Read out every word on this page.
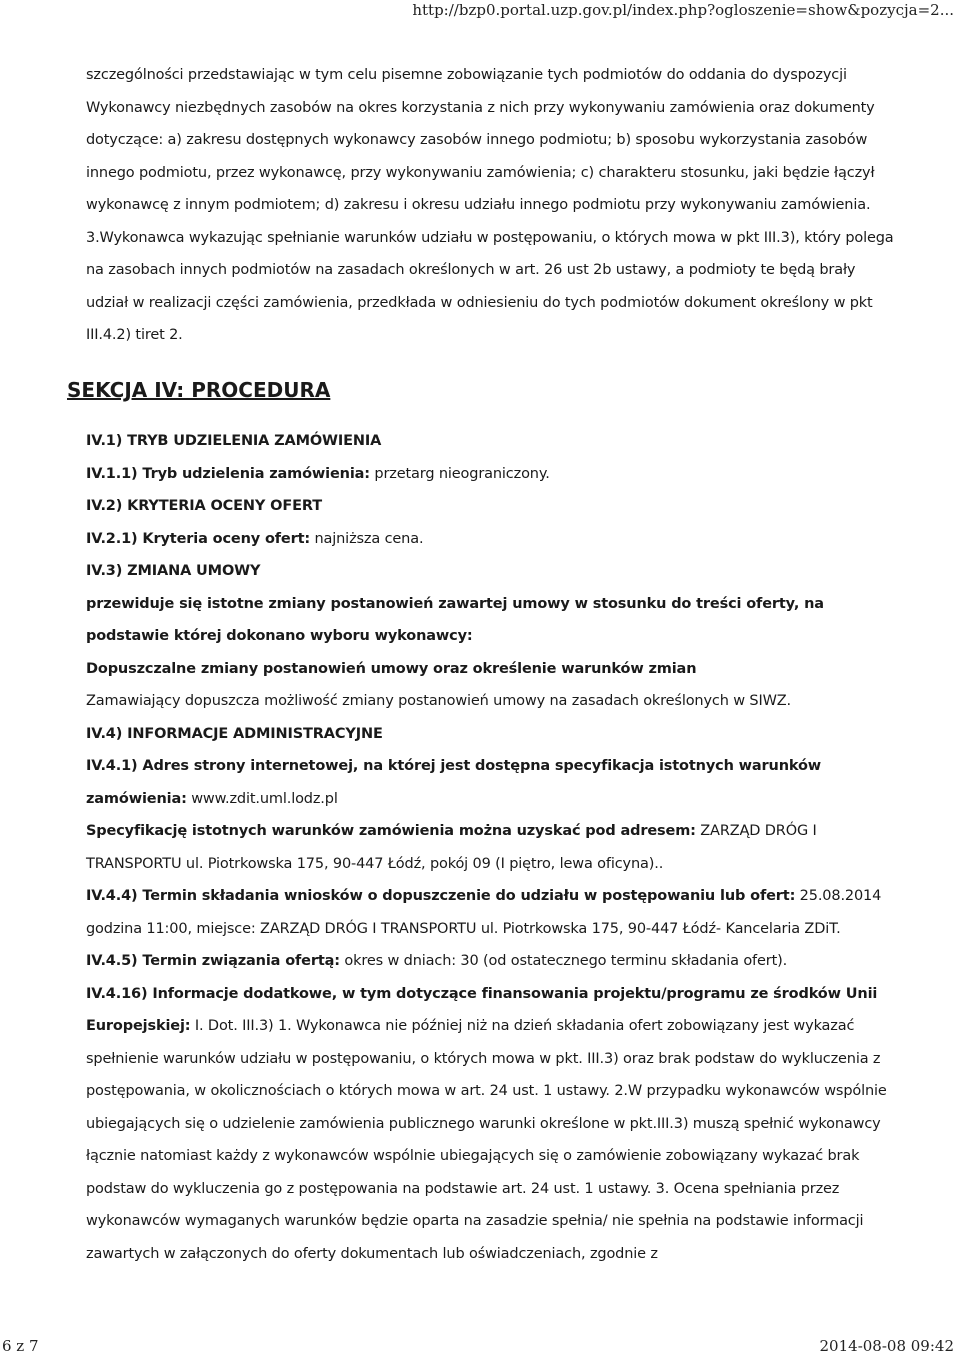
http://bzp0.portal.uzp.gov.pl/index.php?ogloszenie=show&pozycja=2...

szczególności przedstawiając w tym celu pisemne zobowiązanie tych podmiotów do oddania do dyspozycji Wykonawcy niezbędnych zasobów na okres korzystania z nich przy wykonywaniu zamówienia oraz dokumenty dotyczące: a) zakresu dostępnych wykonawcy zasobów innego podmiotu; b) sposobu wykorzystania zasobów innego podmiotu, przez wykonawcę, przy wykonywaniu zamówienia; c) charakteru stosunku, jaki będzie łączył wykonawcę z innym podmiotem; d) zakresu i okresu udziału innego podmiotu przy wykonywaniu zamówienia.

3.Wykonawca wykazując spełnianie warunków udziału w postępowaniu, o których mowa w pkt III.3), który polega na zasobach innych podmiotów na zasadach określonych w art. 26 ust 2b ustawy, a podmioty te będą brały udział w realizacji części zamówienia, przedkłada w odniesieniu do tych podmiotów dokument określony w pkt III.4.2) tiret 2.

SEKCJA IV: PROCEDURA

IV.1) TRYB UDZIELENIA ZAMÓWIENIA

IV.1.1) Tryb udzielenia zamówienia: przetarg nieograniczony.

IV.2) KRYTERIA OCENY OFERT

IV.2.1) Kryteria oceny ofert: najniższa cena.

IV.3) ZMIANA UMOWY

przewiduje się istotne zmiany postanowień zawartej umowy w stosunku do treści oferty, na podstawie której dokonano wyboru wykonawcy:

Dopuszczalne zmiany postanowień umowy oraz określenie warunków zmian

Zamawiający dopuszcza możliwość zmiany postanowień umowy na zasadach określonych w SIWZ.

IV.4) INFORMACJE ADMINISTRACYJNE

IV.4.1) Adres strony internetowej, na której jest dostępna specyfikacja istotnych warunków zamówienia: www.zdit.uml.lodz.pl

Specyfikację istotnych warunków zamówienia można uzyskać pod adresem: ZARZĄD DRÓG I TRANSPORTU ul. Piotrkowska 175, 90-447 Łódź, pokój 09 (I piętro, lewa oficyna)..

IV.4.4) Termin składania wniosków o dopuszczenie do udziału w postępowaniu lub ofert: 25.08.2014 godzina 11:00, miejsce: ZARZĄD DRÓG I TRANSPORTU ul. Piotrkowska 175, 90-447 Łódź- Kancelaria ZDiT.

IV.4.5) Termin związania ofertą: okres w dniach: 30 (od ostatecznego terminu składania ofert).

IV.4.16) Informacje dodatkowe, w tym dotyczące finansowania projektu/programu ze środków Unii Europejskiej: I. Dot. III.3) 1. Wykonawca nie później niż na dzień składania ofert zobowiązany jest wykazać spełnienie warunków udziału w postępowaniu, o których mowa w pkt. III.3) oraz brak podstaw do wykluczenia z postępowania, w okolicznościach o których mowa w art. 24 ust. 1 ustawy. 2.W przypadku wykonawców wspólnie ubiegających się o udzielenie zamówienia publicznego warunki określone w pkt.III.3) muszą spełnić wykonawcy łącznie natomiast każdy z wykonawców wspólnie ubiegających się o zamówienie zobowiązany wykazać brak podstaw do wykluczenia go z postępowania na podstawie art. 24 ust. 1 ustawy. 3. Ocena spełniania przez wykonawców wymaganych warunków będzie oparta na zasadzie spełnia/ nie spełnia na podstawie informacji zawartych w załączonych do oferty dokumentach lub oświadczeniach, zgodnie z

6 z 7	2014-08-08 09:42
